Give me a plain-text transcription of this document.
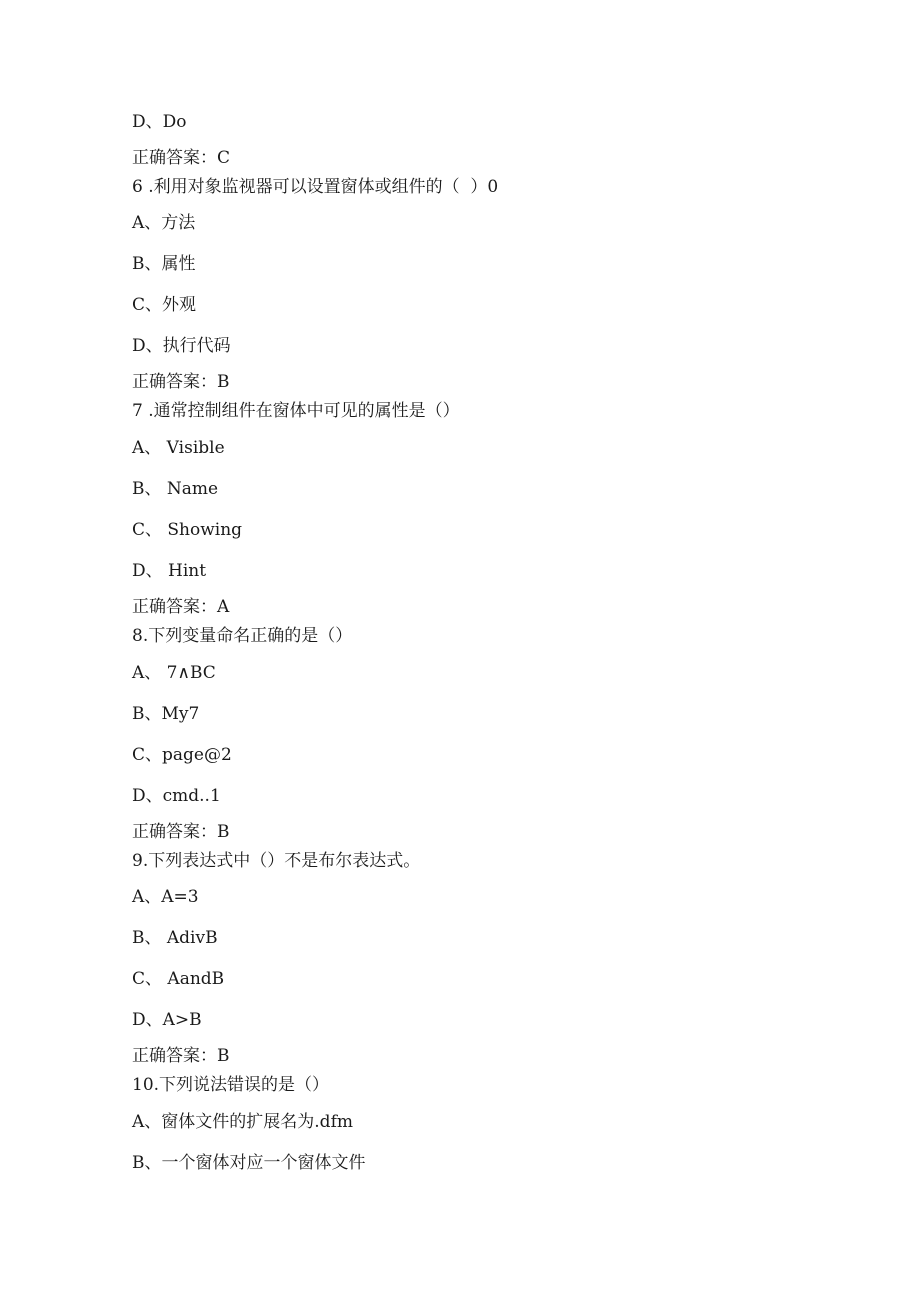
D、Do
正确答案：C
6 .利用对象监视器可以设置窗体或组件的（  ）0
A、方法
B、属性
C、外观
D、执行代码
正确答案：B
7 .通常控制组件在窗体中可见的属性是（）
A、 Visible
B、 Name
C、 Showing
D、 Hint
正确答案：A
8.下列变量命名正确的是（）
A、 7∧BC
B、My7
C、page@2
D、cmd..1
正确答案：B
9.下列表达式中（）不是布尔表达式。
A、A=3
B、 AdivB
C、 AandB
D、A>B
正确答案：B
10.下列说法错误的是（）
A、窗体文件的扩展名为.dfm
B、一个窗体对应一个窗体文件
